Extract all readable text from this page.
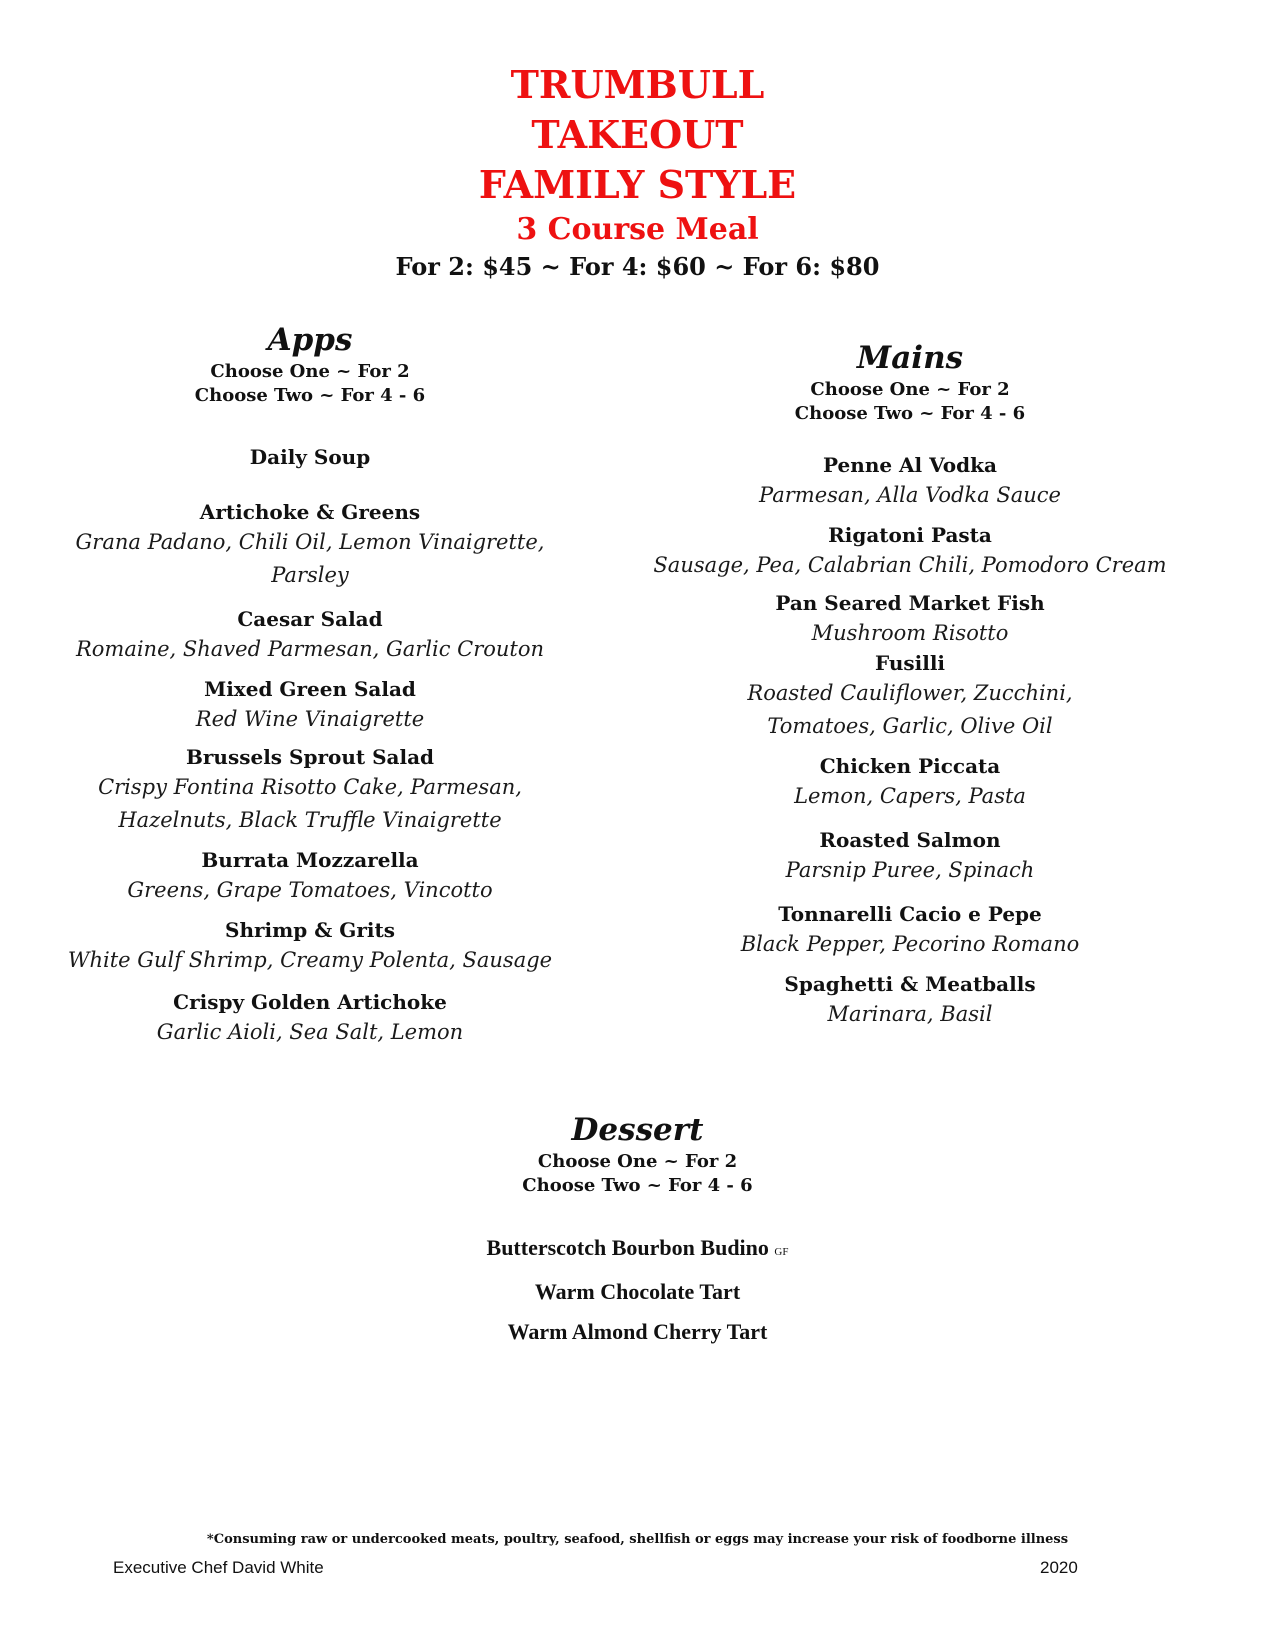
TRUMBULL
TAKEOUT
FAMILY STYLE
3 Course Meal
For 2: $45 ~ For 4: $60 ~ For 6: $80
Apps
Choose One ~ For 2
Choose Two ~ For 4 - 6
Daily Soup
Artichoke & Greens
Grana Padano, Chili Oil, Lemon Vinaigrette, Parsley
Caesar Salad
Romaine, Shaved Parmesan, Garlic Crouton
Mixed Green Salad
Red Wine Vinaigrette
Brussels Sprout Salad
Crispy Fontina Risotto Cake, Parmesan,
Hazelnuts, Black Truffle Vinaigrette
Burrata Mozzarella
Greens, Grape Tomatoes, Vincotto
Shrimp & Grits
White Gulf Shrimp, Creamy Polenta, Sausage
Crispy Golden Artichoke
Garlic Aioli, Sea Salt, Lemon
Mains
Choose One ~ For 2
Choose Two ~ For 4 - 6
Penne Al Vodka
Parmesan, Alla Vodka Sauce
Rigatoni Pasta
Sausage, Pea, Calabrian Chili, Pomodoro Cream
Pan Seared Market Fish
Mushroom Risotto
Fusilli
Roasted Cauliflower, Zucchini,
Tomatoes, Garlic, Olive Oil
Chicken Piccata
Lemon, Capers, Pasta
Roasted Salmon
Parsnip Puree, Spinach
Tonnarelli Cacio e Pepe
Black Pepper, Pecorino Romano
Spaghetti & Meatballs
Marinara, Basil
Dessert
Choose One ~ For 2
Choose Two ~ For 4 - 6
Butterscotch Bourbon Budino GF
Warm Chocolate Tart
Warm Almond Cherry Tart
*Consuming raw or undercooked meats, poultry, seafood, shellfish or eggs may increase your risk of foodborne illness
Executive Chef David White	2020
